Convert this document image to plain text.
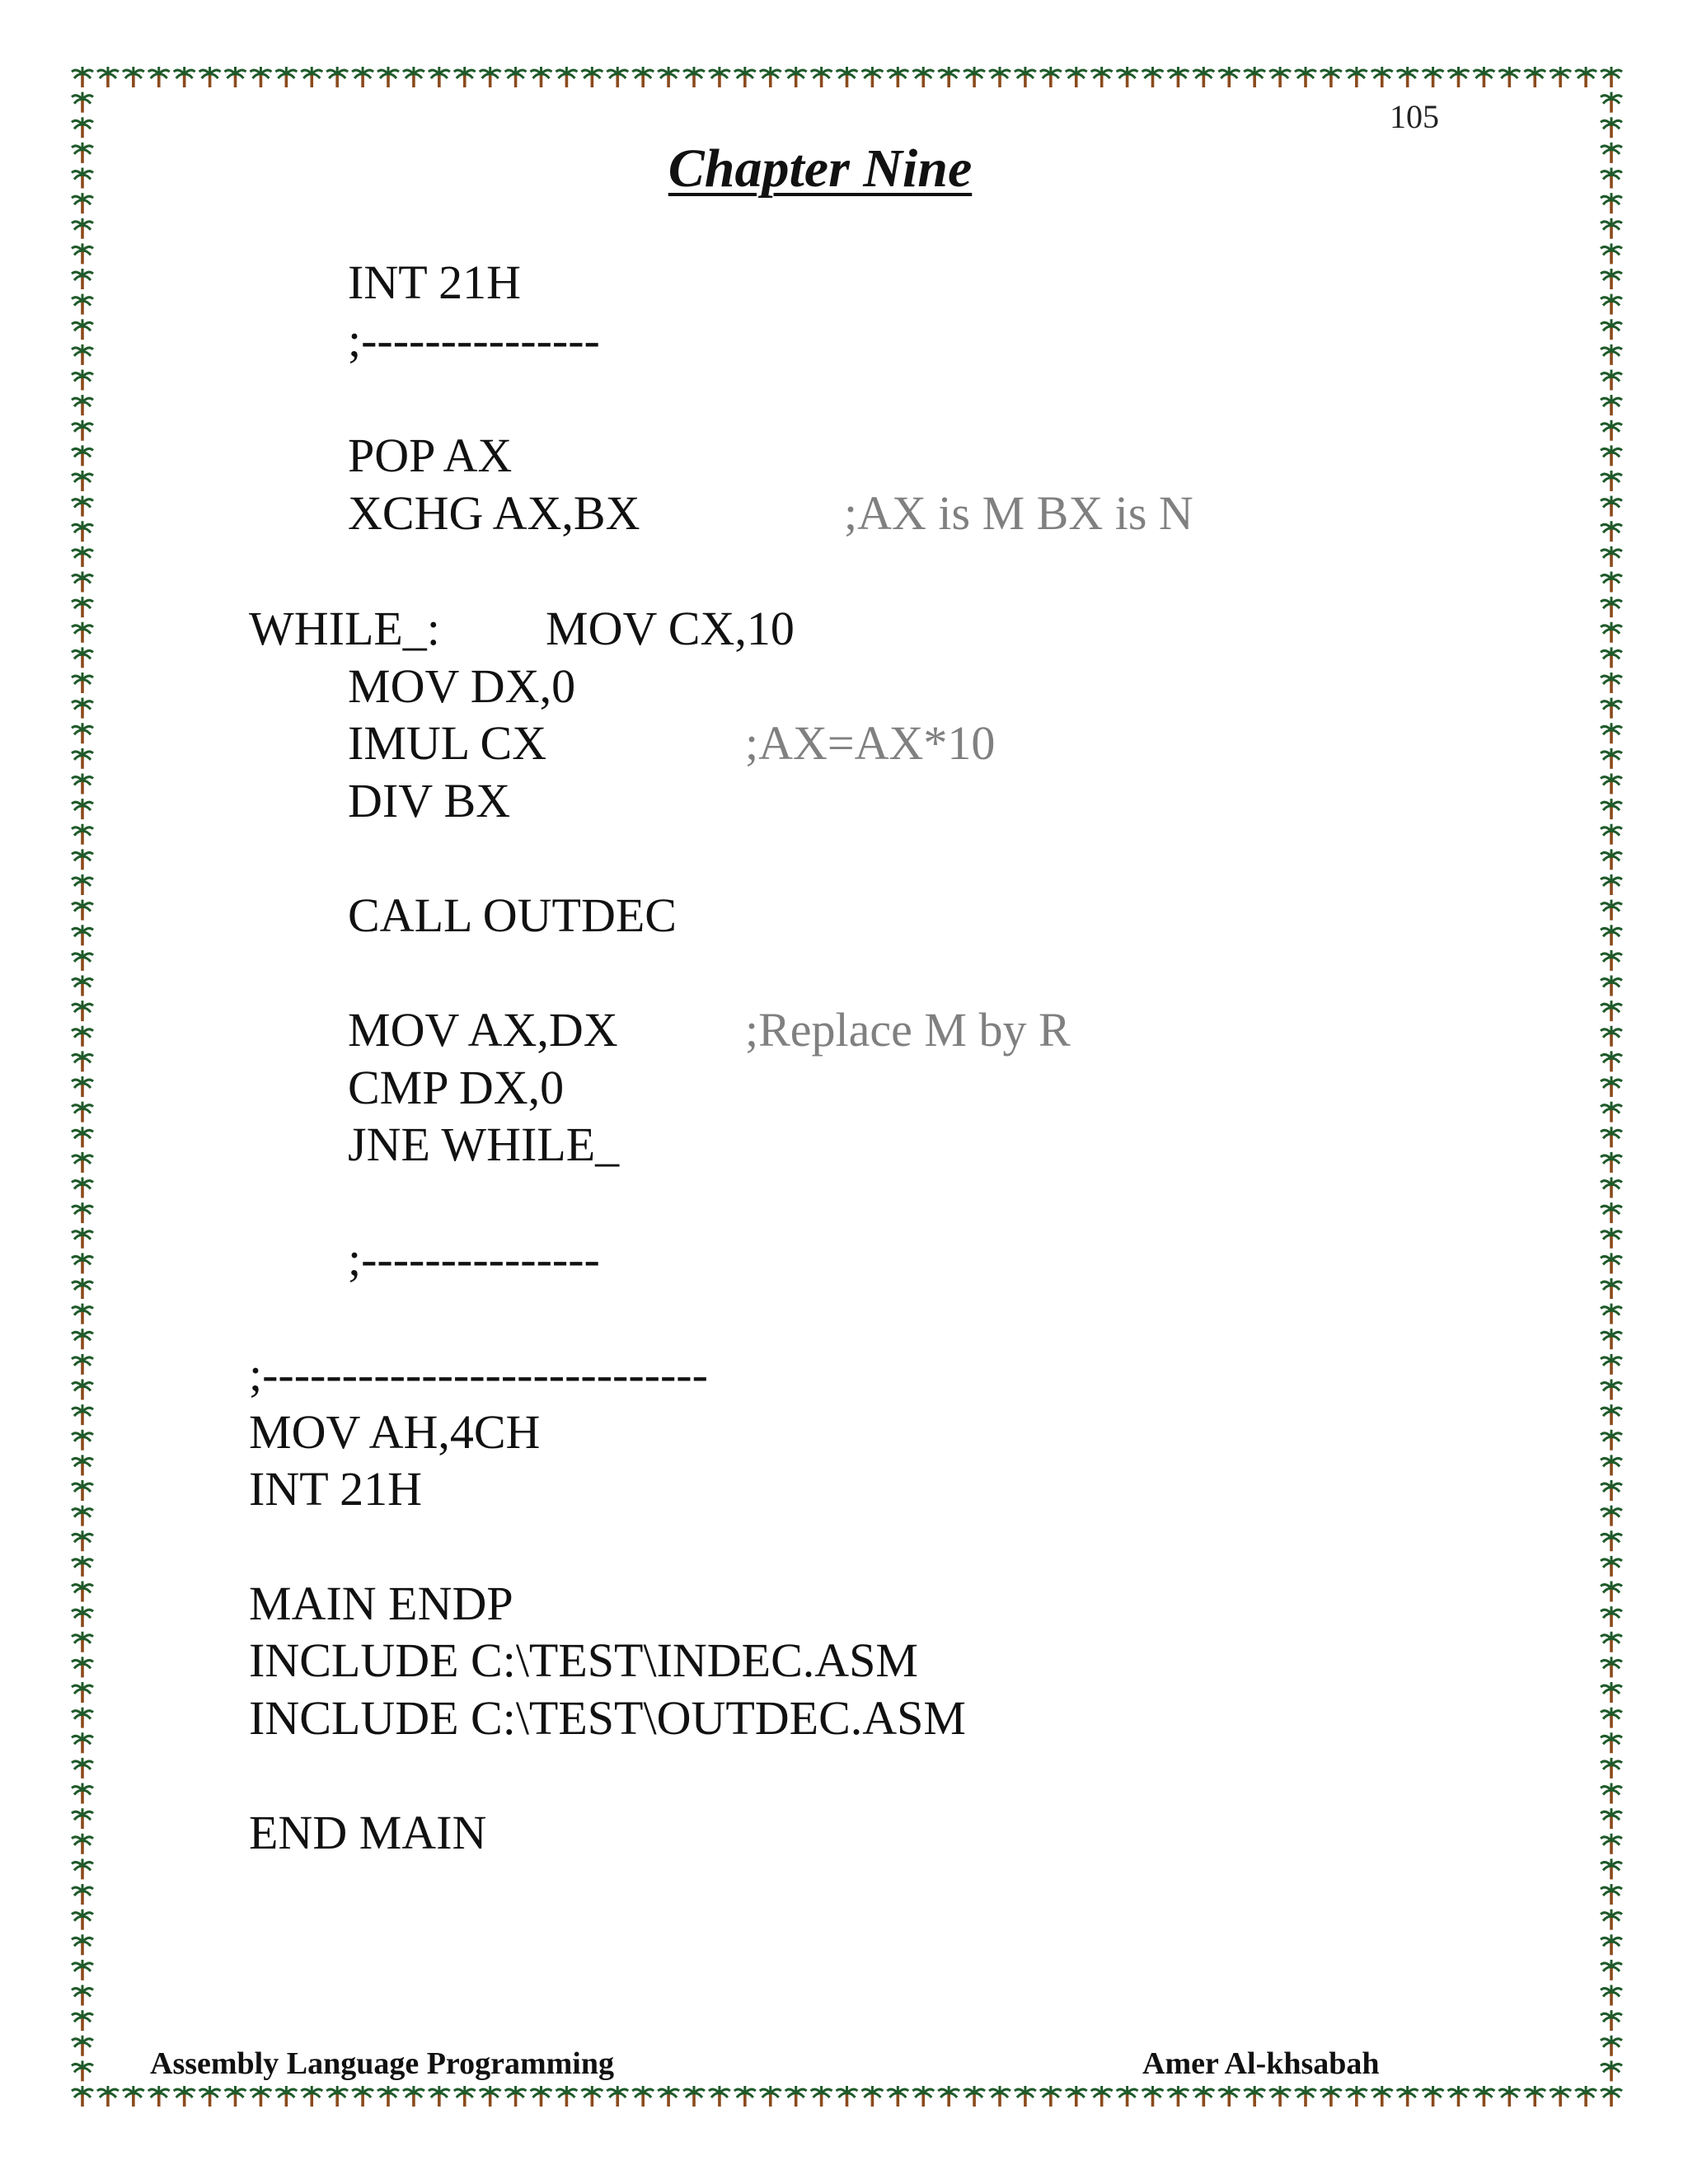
105
Chapter Nine
INT 21H
;---------------
POP AX
XCHG AX,BX	;AX is M BX is N
WHILE_: MOV CX,10
MOV DX,0
IMUL CX	;AX=AX*10
DIV BX
CALL OUTDEC
MOV AX,DX	;Replace M by R
CMP DX,0
JNE WHILE_
;---------------
;----------------------------
MOV AH,4CH
INT 21H
MAIN ENDP
INCLUDE C:\TEST\INDEC.ASM
INCLUDE C:\TEST\OUTDEC.ASM
END MAIN
Assembly Language Programming	Amer Al-khsabah
